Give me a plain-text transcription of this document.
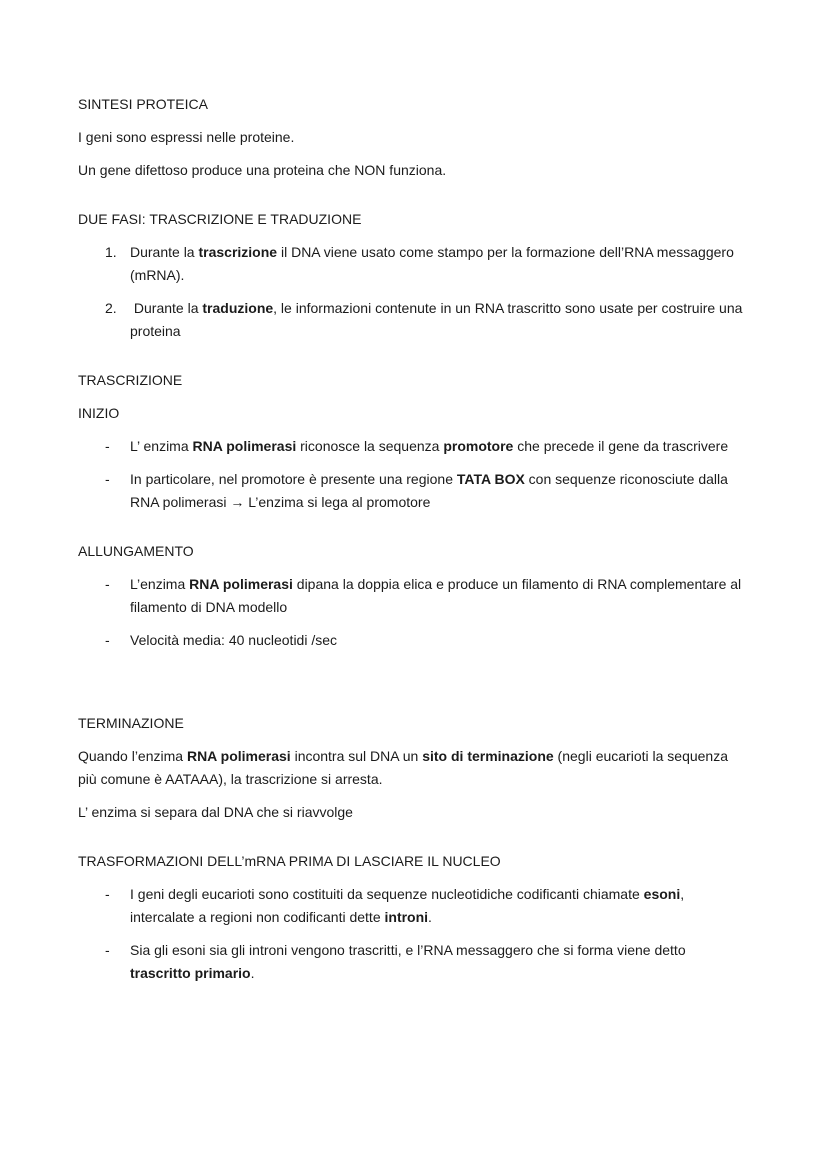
SINTESI PROTEICA

I geni sono espressi nelle proteine.

Un gene difettoso produce una proteina che NON funziona.

DUE FASI: TRASCRIZIONE E TRADUZIONE

1. Durante la trascrizione il DNA viene usato come stampo per la formazione dell’RNA messaggero (mRNA).
2. Durante la traduzione, le informazioni contenute in un RNA trascritto sono usate per costruire una proteina

TRASCRIZIONE

INIZIO

- L’ enzima RNA polimerasi riconosce la sequenza promotore che precede il gene da trascrivere
- In particolare, nel promotore è presente una regione TATA BOX con sequenze riconosciute dalla RNA polimerasi → L’enzima si lega al promotore

ALLUNGAMENTO

- L’enzima RNA polimerasi dipana la doppia elica e produce un filamento di RNA complementare al filamento di DNA modello
- Velocità media: 40 nucleotidi /sec

TERMINAZIONE

Quando l’enzima RNA polimerasi incontra sul DNA un sito di terminazione (negli eucarioti la sequenza più comune è AATAAA), la trascrizione si arresta.

L’ enzima si separa dal DNA che si riavvolge

TRASFORMAZIONI DELL’mRNA PRIMA DI LASCIARE IL NUCLEO

- I geni degli eucarioti sono costituiti da sequenze nucleotidiche codificanti chiamate esoni, intercalate a regioni non codificanti dette introni.
- Sia gli esoni sia gli introni vengono trascritti, e l’RNA messaggero che si forma viene detto trascritto primario.
